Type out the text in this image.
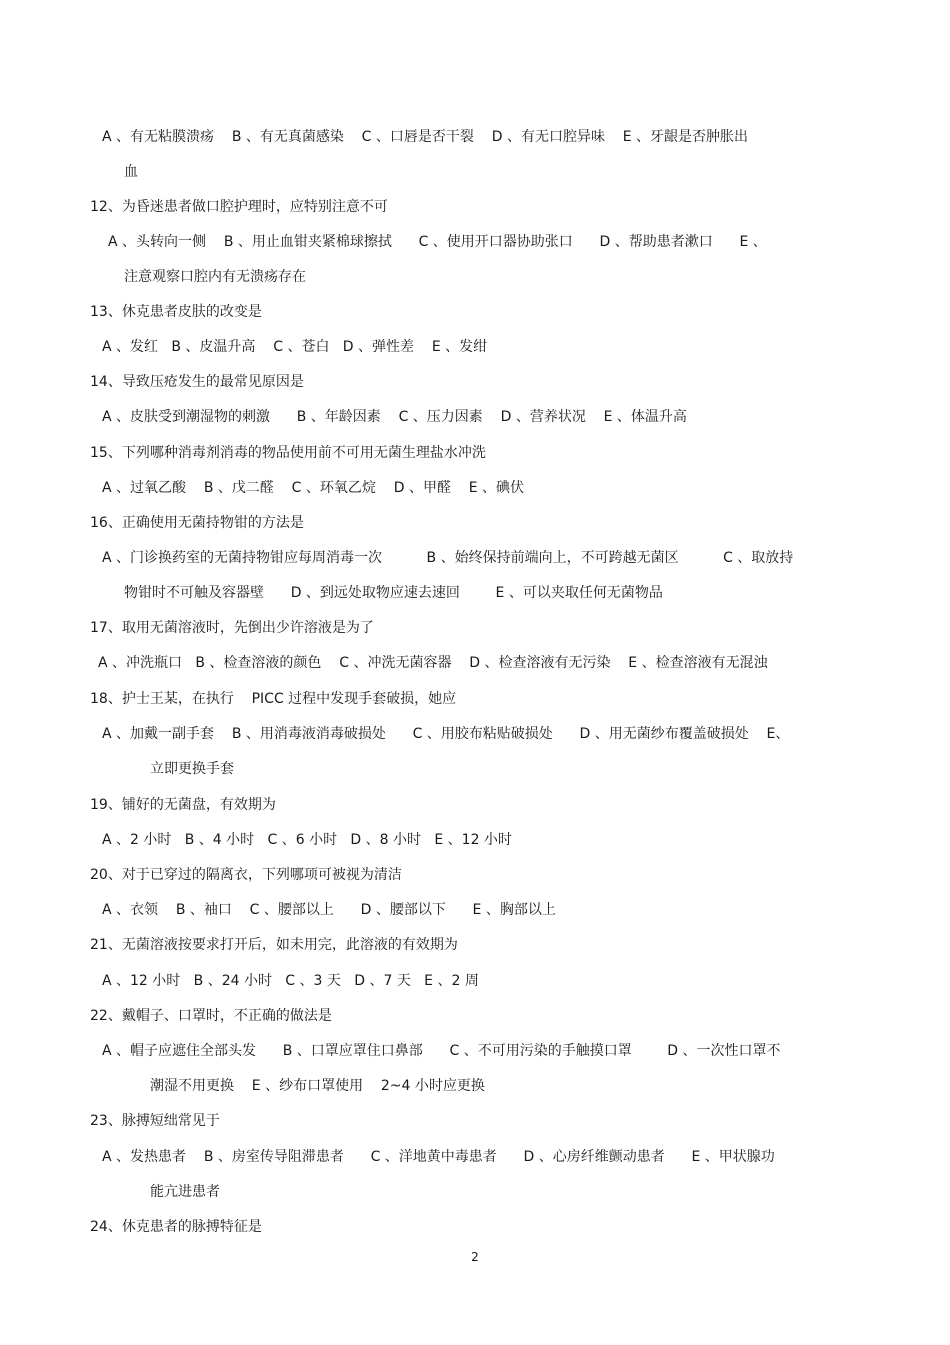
A 、有无粘膜溃疡    B 、有无真菌感染    C 、口唇是否干裂    D 、有无口腔异味    E 、牙龈是否肿胀出
血
12、为昏迷患者做口腔护理时，应特别注意不可
A 、头转向一侧    B 、用止血钳夹紧棉球擦拭      C 、使用开口器协助张口      D 、帮助患者漱口      E 、
注意观察口腔内有无溃疡存在
13、休克患者皮肤的改变是
A 、发红   B 、皮温升高    C 、苍白   D 、弹性差    E 、发绀
14、导致压疮发生的最常见原因是
A 、皮肤受到潮湿物的刺激      B 、年龄因素    C 、压力因素    D 、营养状况    E 、体温升高
15、下列哪种消毒剂消毒的物品使用前不可用无菌生理盐水冲洗
A 、过氧乙酸    B 、戊二醛    C 、环氧乙烷    D 、甲醛    E 、碘伏
16、正确使用无菌持物钳的方法是
A 、门诊换药室的无菌持物钳应每周消毒一次          B 、始终保持前端向上，不可跨越无菌区          C 、取放持
物钳时不可触及容器壁      D 、到远处取物应速去速回        E 、可以夹取任何无菌物品
17、取用无菌溶液时，先倒出少许溶液是为了
A 、冲洗瓶口   B 、检查溶液的颜色    C 、冲洗无菌容器    D 、检查溶液有无污染    E 、检查溶液有无混浊
18、护士王某，在执行    PICC 过程中发现手套破损，她应
A 、加戴一副手套    B 、用消毒液消毒破损处      C 、用胶布粘贴破损处      D 、用无菌纱布覆盖破损处    E、
立即更换手套
19、铺好的无菌盘，有效期为
A 、2 小时   B 、4 小时   C 、6 小时   D 、8 小时   E 、12 小时
20、对于已穿过的隔离衣，下列哪项可被视为清洁
A 、衣领    B 、袖口    C 、腰部以上      D 、腰部以下      E 、胸部以上
21、无菌溶液按要求打开后，如未用完，此溶液的有效期为
A 、12 小时   B 、24 小时   C 、3 天   D 、7 天   E 、2 周
22、戴帽子、口罩时，不正确的做法是
A 、帽子应遮住全部头发      B 、口罩应罩住口鼻部      C 、不可用污染的手触摸口罩        D 、一次性口罩不
潮湿不用更换    E 、纱布口罩使用    2~4 小时应更换
23、脉搏短绌常见于
A 、发热患者    B 、房室传导阻滞患者      C 、洋地黄中毒患者      D 、心房纤维颤动患者      E 、甲状腺功
能亢进患者
24、休克患者的脉搏特征是
2
